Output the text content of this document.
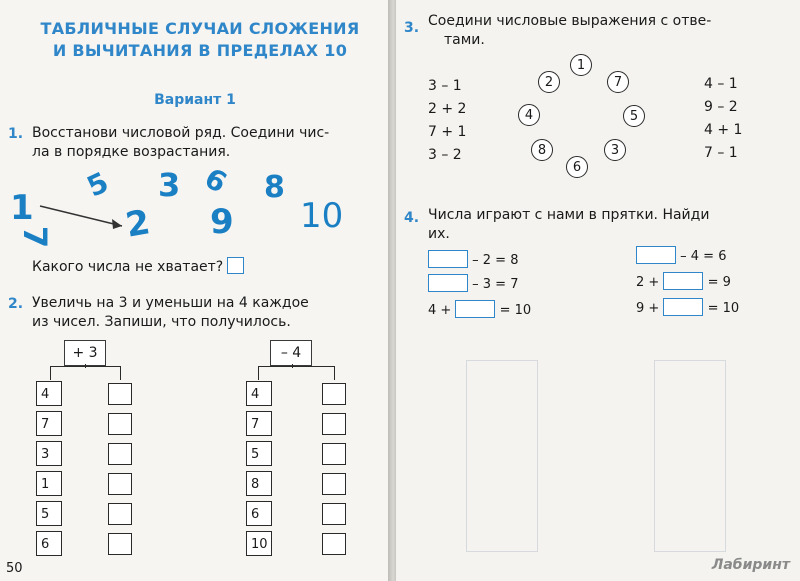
ТАБЛИЧНЫЕ СЛУЧАИ СЛОЖЕНИЯ
И ВЫЧИТАНИЯ В ПРЕДЕЛАХ 10
Вариант 1
1. Восстанови числовой ряд. Соедини чис-
ла в порядке возрастания.
1
5 3 6 8
10
7 2 9
Какого числа не хватает?
2. Увеличь на 3 и уменьши на 4 каждое
из чисел. Запиши, что получилось.
+ 3
4
7
3
1
5
6
– 4
4
7
5
8
6
10
50
3. Соедини числовые выражения с отве-
тами.
3 – 1
2 + 2
7 + 1
3 – 2
4 – 1
9 – 2
4 + 1
7 – 1
1
2	7
4	5
8	3
6
4. Числа играют с нами в прятки. Найди
их.
– 2 = 8
– 3 = 7
4 +	= 10
– 4 = 6
2 +	= 9
9 +	= 10
Лабиринт
